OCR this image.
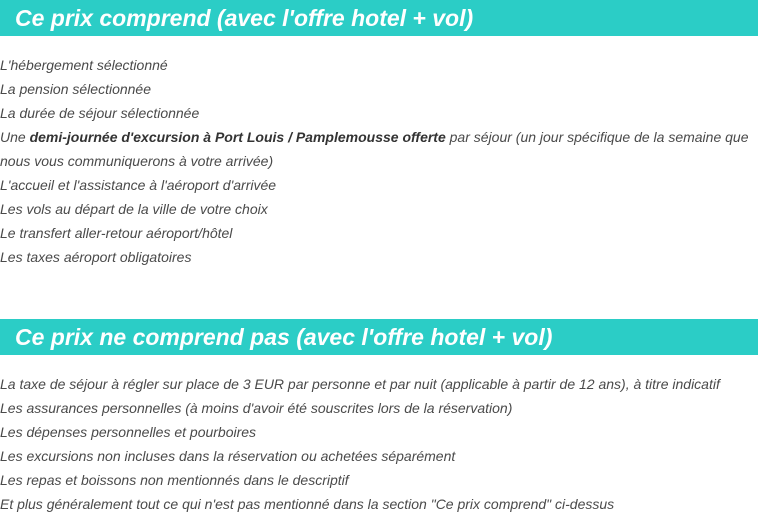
Ce prix comprend (avec l'offre hotel + vol)
L'hébergement sélectionné
La pension sélectionnée
La durée de séjour sélectionnée
Une demi-journée d'excursion à Port Louis / Pamplemousse offerte par séjour (un jour spécifique de la semaine que nous vous communiquerons à votre arrivée)
L'accueil et l'assistance à l'aéroport d'arrivée
Les vols au départ de la ville de votre choix
Le transfert aller-retour aéroport/hôtel
Les taxes aéroport obligatoires
Ce prix ne comprend pas (avec l'offre hotel + vol)
La taxe de séjour à régler sur place de 3 EUR par personne et par nuit (applicable à partir de 12 ans), à titre indicatif
Les assurances personnelles (à moins d'avoir été souscrites lors de la réservation)
Les dépenses personnelles et pourboires
Les excursions non incluses dans la réservation ou achetées séparément
Les repas et boissons non mentionnés dans le descriptif
Et plus généralement tout ce qui n'est pas mentionné dans la section "Ce prix comprend" ci-dessus
